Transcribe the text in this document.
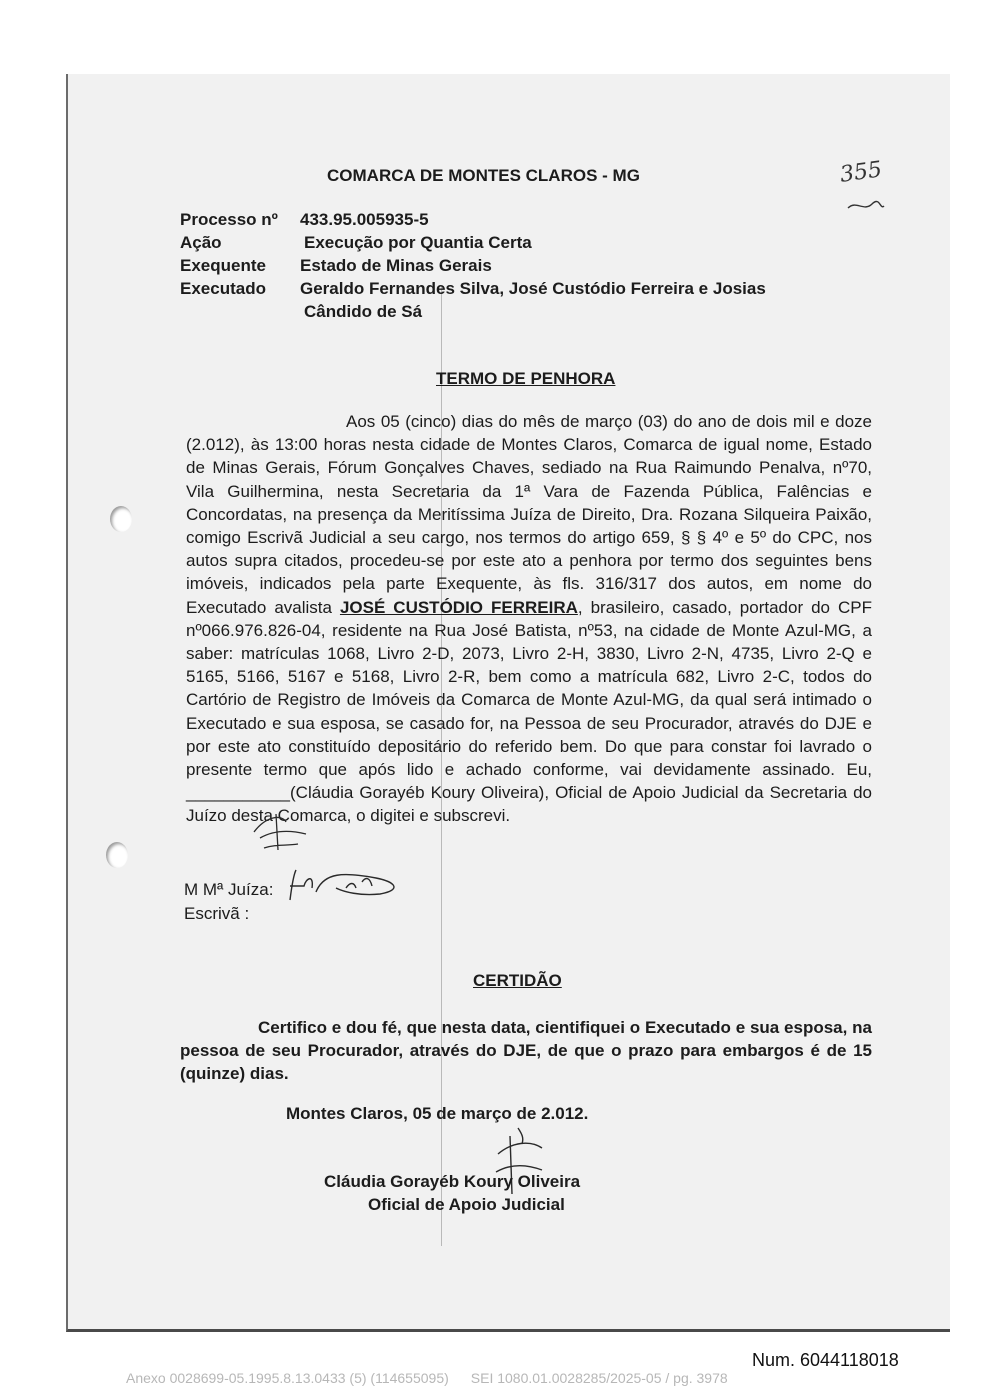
COMARCA DE MONTES CLAROS - MG	355
Processo nº	433.95.005935-5
Ação	Execução por Quantia Certa
Exequente	Estado de Minas Gerais
Executado	Geraldo Fernandes Silva, José Custódio Ferreira e Josias
Cândido de Sá
TERMO DE PENHORA
Aos 05 (cinco) dias do mês de março (03) do ano de dois mil e doze (2.012), às 13:00 horas nesta cidade de Montes Claros, Comarca de igual nome, Estado de Minas Gerais, Fórum Gonçalves Chaves, sediado na Rua Raimundo Penalva, nº70, Vila Guilhermina, nesta Secretaria da 1ª Vara de Fazenda Pública, Falências e Concordatas, na presença da Meritíssima Juíza de Direito, Dra. Rozana Silqueira Paixão, comigo Escrivã Judicial a seu cargo, nos termos do artigo 659, § § 4º e 5º do CPC, nos autos supra citados, procedeu-se por este ato a penhora por termo dos seguintes bens imóveis, indicados pela parte Exequente, às fls. 316/317 dos autos, em nome do Executado avalista JOSÉ CUSTÓDIO FERREIRA, brasileiro, casado, portador do CPF nº066.976.826-04, residente na Rua José Batista, nº53, na cidade de Monte Azul-MG, a saber: matrículas 1068, Livro 2-D, 2073, Livro 2-H, 3830, Livro 2-N, 4735, Livro 2-Q e 5165, 5166, 5167 e 5168, Livro 2-R, bem como a matrícula 682, Livro 2-C, todos do Cartório de Registro de Imóveis da Comarca de Monte Azul-MG, da qual será intimado o Executado e sua esposa, se casado for, na Pessoa de seu Procurador, através do DJE e por este ato constituído depositário do referido bem. Do que para constar foi lavrado o presente termo que após lido e achado conforme, vai devidamente assinado. Eu, ___________(Cláudia Gorayéb Koury Oliveira), Oficial de Apoio Judicial da Secretaria do Juízo desta Comarca, o digitei e subscrevi.
M Mª Juíza:
Escrivã :
CERTIDÃO
Certifico e dou fé, que nesta data, cientifiquei o Executado e sua esposa, na pessoa de seu Procurador, através do DJE, de que o prazo para embargos é de 15 (quinze) dias.
Montes Claros, 05 de março de 2.012.
Cláudia Gorayéb Koury Oliveira
Oficial de Apoio Judicial
Num. 6044118018
Anexo 0028699-05.1995.8.13.0433 (5) (114655095) SEI 1080.01.0028285/2025-05 / pg. 3978
